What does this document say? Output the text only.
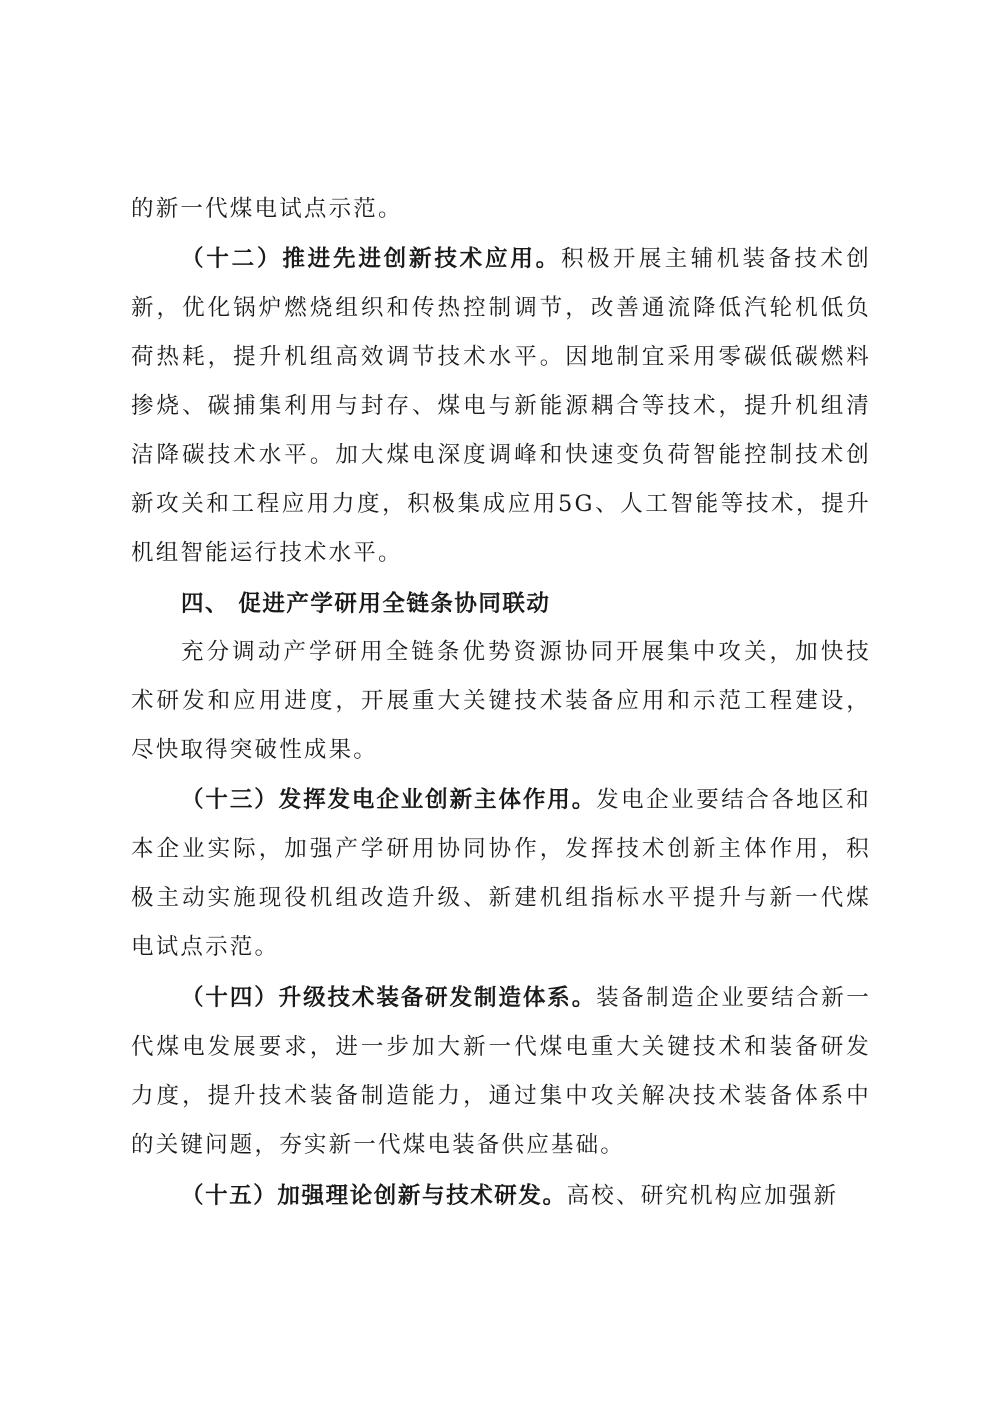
的新一代煤电试点示范。

（十二）推进先进创新技术应用。积极开展主辅机装备技术创新，优化锅炉燃烧组织和传热控制调节，改善通流降低汽轮机低负荷热耗，提升机组高效调节技术水平。因地制宜采用零碳低碳燃料掺烧、碳捕集利用与封存、煤电与新能源耦合等技术，提升机组清洁降碳技术水平。加大煤电深度调峰和快速变负荷智能控制技术创新攻关和工程应用力度，积极集成应用5G、人工智能等技术，提升机组智能运行技术水平。

四、 促进产学研用全链条协同联动

充分调动产学研用全链条优势资源协同开展集中攻关，加快技术研发和应用进度，开展重大关键技术装备应用和示范工程建设，尽快取得突破性成果。

（十三）发挥发电企业创新主体作用。发电企业要结合各地区和本企业实际，加强产学研用协同协作，发挥技术创新主体作用，积极主动实施现役机组改造升级、新建机组指标水平提升与新一代煤电试点示范。

（十四）升级技术装备研发制造体系。装备制造企业要结合新一代煤电发展要求，进一步加大新一代煤电重大关键技术和装备研发力度，提升技术装备制造能力，通过集中攻关解决技术装备体系中的关键问题，夯实新一代煤电装备供应基础。

（十五）加强理论创新与技术研发。高校、研究机构应加强新
